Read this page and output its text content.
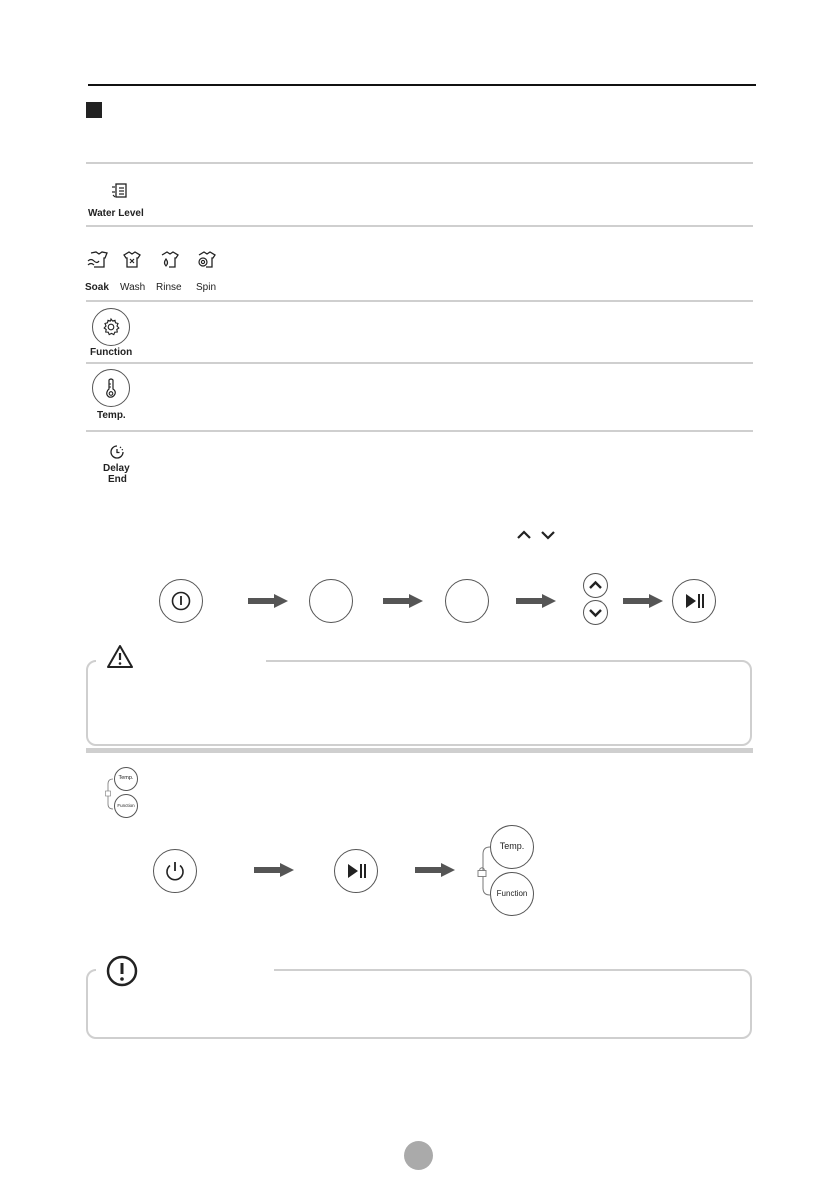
Water Level
Soak Wash Rinse Spin
Function
Temp.
Delay
End
Temp.
Function
Temp.
Function
